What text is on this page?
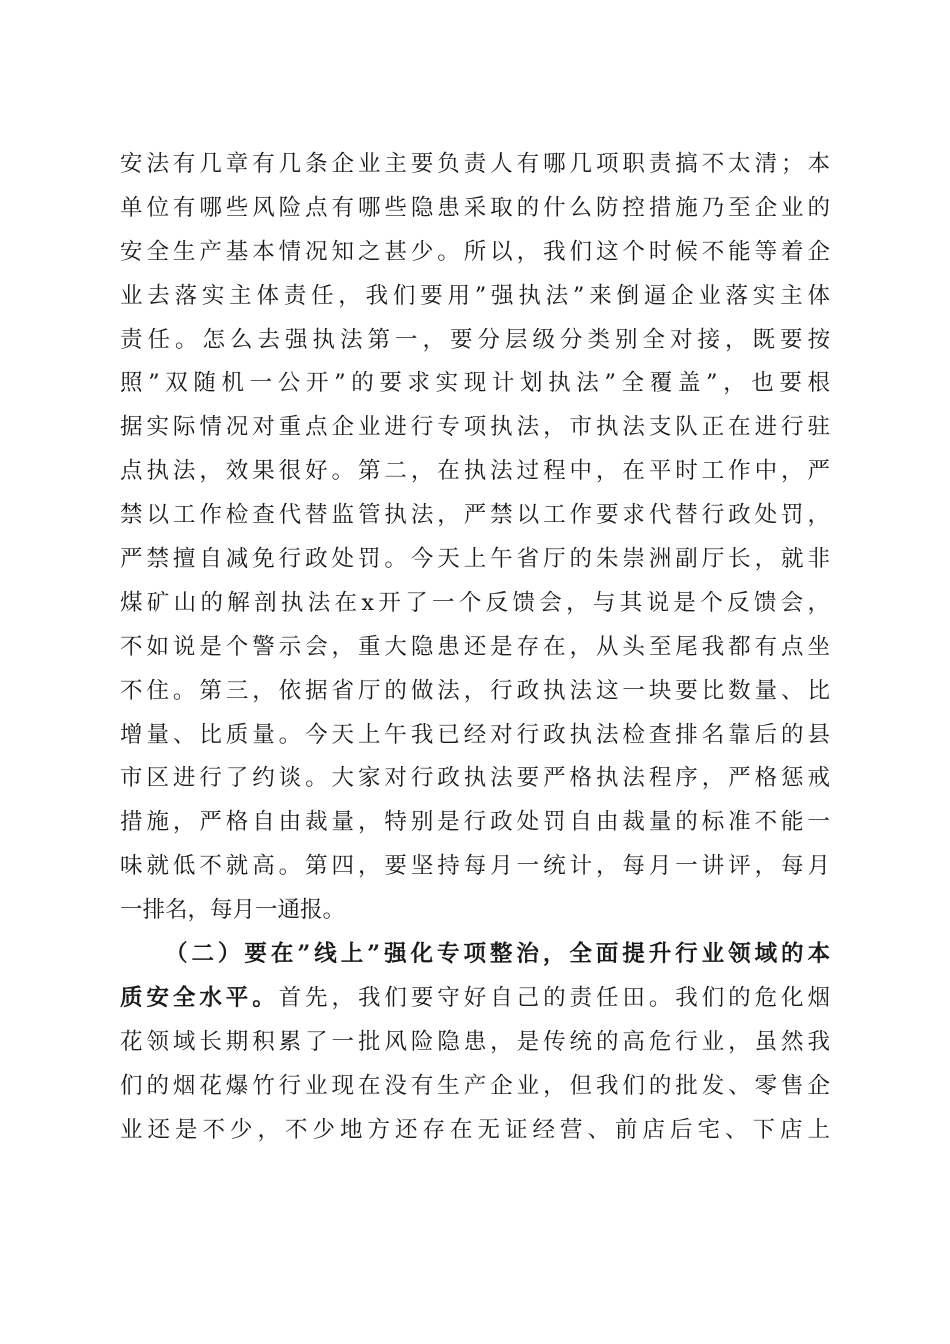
安法有几章有几条企业主要负责人有哪几项职责搞不太清；本
单位有哪些风险点有哪些隐患采取的什么防控措施乃至企业的
安全生产基本情况知之甚少。所以，我们这个时候不能等着企
业去落实主体责任，我们要用”强执法”来倒逼企业落实主体
责任。怎么去强执法第一，要分层级分类别全对接，既要按
照”双随机一公开”的要求实现计划执法”全覆盖”，也要根
据实际情况对重点企业进行专项执法，市执法支队正在进行驻
点执法，效果很好。第二，在执法过程中，在平时工作中，严
禁以工作检查代替监管执法，严禁以工作要求代替行政处罚，
严禁擅自减免行政处罚。今天上午省厅的朱崇洲副厅长，就非
煤矿山的解剖执法在x开了一个反馈会，与其说是个反馈会，
不如说是个警示会，重大隐患还是存在，从头至尾我都有点坐
不住。第三，依据省厅的做法，行政执法这一块要比数量、比
增量、比质量。今天上午我已经对行政执法检查排名靠后的县
市区进行了约谈。大家对行政执法要严格执法程序，严格惩戒
措施，严格自由裁量，特别是行政处罚自由裁量的标准不能一
味就低不就高。第四，要坚持每月一统计，每月一讲评，每月
一排名，每月一通报。
（二）要在”线上”强化专项整治，全面提升行业领域的本
质安全水平。首先，我们要守好自己的责任田。我们的危化烟
花领域长期积累了一批风险隐患，是传统的高危行业，虽然我
们的烟花爆竹行业现在没有生产企业，但我们的批发、零售企
业还是不少，不少地方还存在无证经营、前店后宅、下店上
